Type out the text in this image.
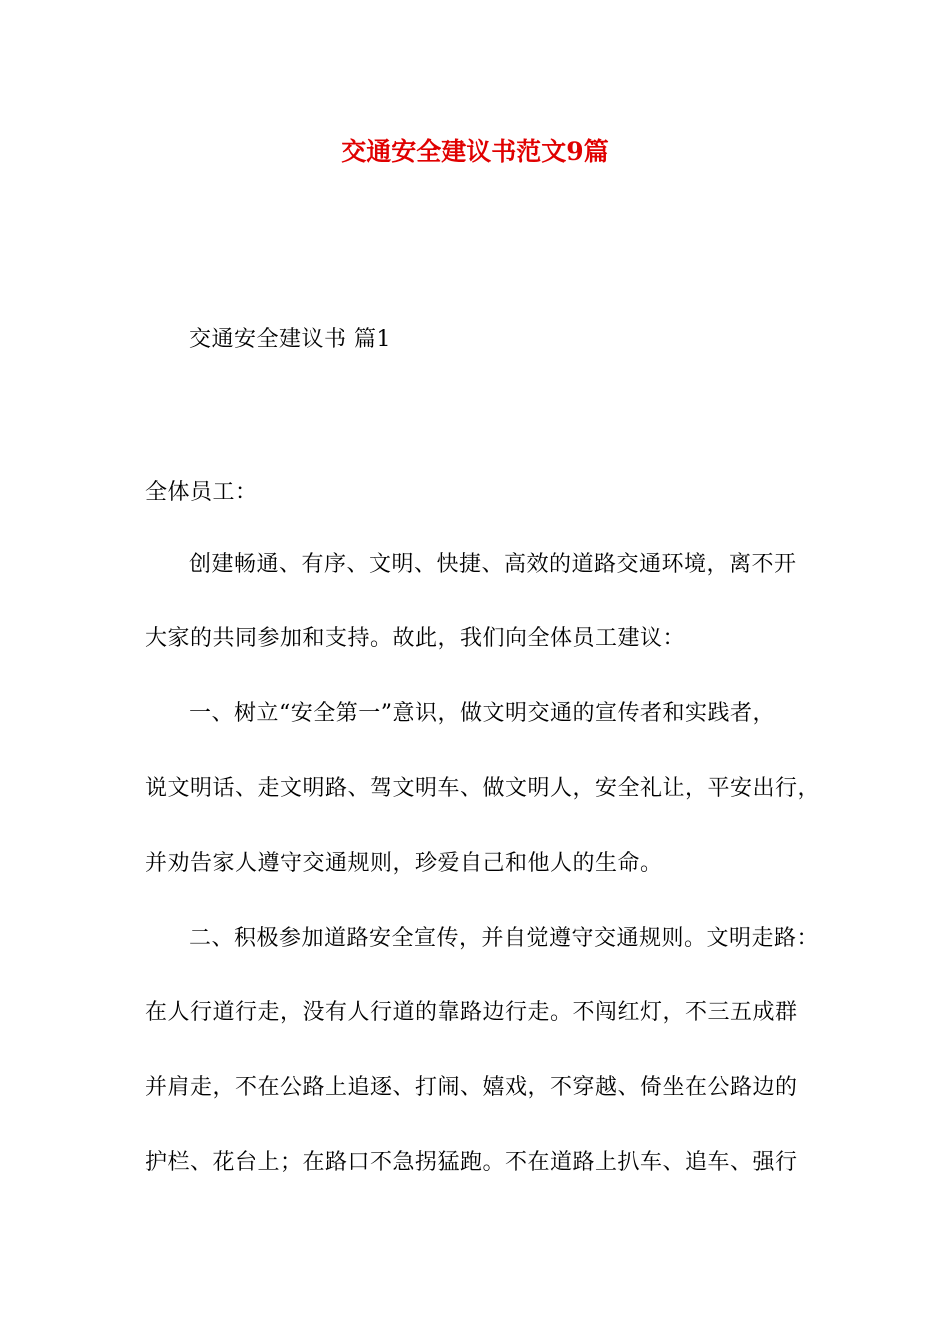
交通安全建议书范文9篇
交通安全建议书 篇1
全体员工：
创建畅通、有序、文明、快捷、高效的道路交通环境，离不开
大家的共同参加和支持。故此，我们向全体员工建议：
一、树立“安全第一”意识，做文明交通的宣传者和实践者，
说文明话、走文明路、驾文明车、做文明人，安全礼让，平安出行，
并劝告家人遵守交通规则，珍爱自己和他人的生命。
二、积极参加道路安全宣传，并自觉遵守交通规则。文明走路：
在人行道行走，没有人行道的靠路边行走。不闯红灯，不三五成群
并肩走，不在公路上追逐、打闹、嬉戏，不穿越、倚坐在公路边的
护栏、花台上；在路口不急拐猛跑。不在道路上扒车、追车、强行
